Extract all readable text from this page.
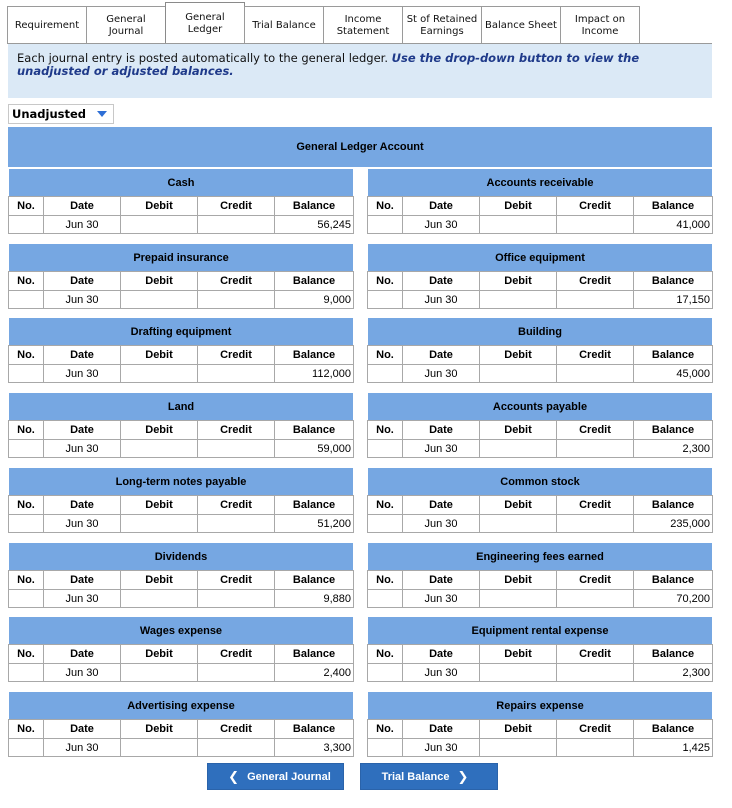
Requirement
General Journal
General Ledger	Trial Balance
Income Statement
St of Retained Earnings
Balance Sheet
Impact on Income
Each journal entry is posted automatically to the general ledger. Use the drop-down button to view the unadjusted or adjusted balances.
Unadjusted
General Ledger Account
Cash
No.	Date	Debit	Credit	Balance
	Jun 30			56,245
Accounts receivable
No.	Date	Debit	Credit	Balance
	Jun 30			41,000
Prepaid insurance
No.	Date	Debit	Credit	Balance
	Jun 30			9,000
Office equipment
No.	Date	Debit	Credit	Balance
	Jun 30			17,150
Drafting equipment
No.	Date	Debit	Credit	Balance
	Jun 30			112,000
Building
No.	Date	Debit	Credit	Balance
	Jun 30			45,000
Land
No.	Date	Debit	Credit	Balance
	Jun 30			59,000
Accounts payable
No.	Date	Debit	Credit	Balance
	Jun 30			2,300
Long-term notes payable
No.	Date	Debit	Credit	Balance
	Jun 30			51,200
Common stock
No.	Date	Debit	Credit	Balance
	Jun 30			235,000
Dividends
No.	Date	Debit	Credit	Balance
	Jun 30			9,880
Engineering fees earned
No.	Date	Debit	Credit	Balance
	Jun 30			70,200
Wages expense
No.	Date	Debit	Credit	Balance
	Jun 30			2,400
Equipment rental expense
No.	Date	Debit	Credit	Balance
	Jun 30			2,300
Advertising expense
No.	Date	Debit	Credit	Balance
	Jun 30			3,300
Repairs expense
No.	Date	Debit	Credit	Balance
	Jun 30			1,425
❮ General Journal	Trial Balance ❯
